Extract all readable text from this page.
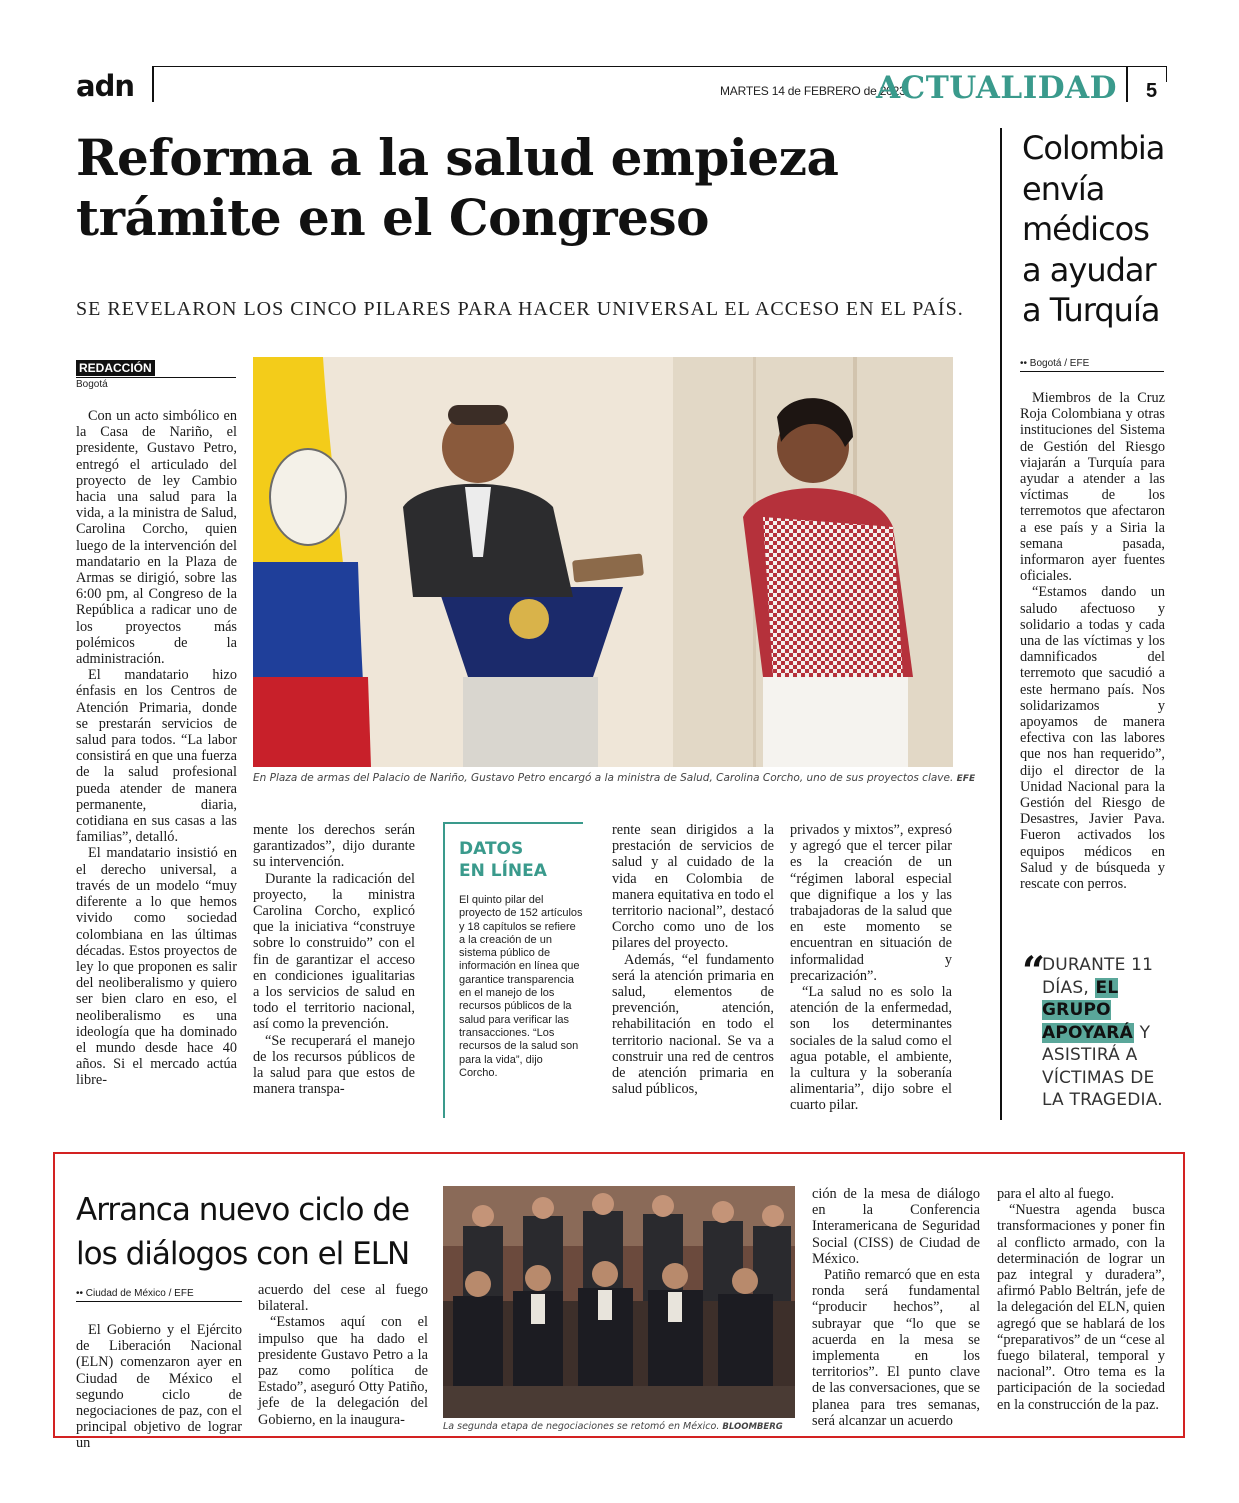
adn	MARTES 14 de FEBRERO de 2023
ACTUALIDAD 5
Reforma a la salud empieza
trámite en el Congreso
SE REVELARON LOS CINCO PILARES PARA HACER UNIVERSAL EL ACCESO EN EL PAÍS.
REDACCIÓN
Bogotá

Con un acto simbólico en la Casa de Nariño, el presidente, Gustavo Petro, entregó el articulado del proyecto de ley Cambio hacia una salud para la vida, a la ministra de Salud, Carolina Corcho, quien luego de la intervención del mandatario en la Plaza de Armas se dirigió, sobre las 6:00 pm, al Congreso de la República a radicar uno de los proyectos más polémicos de la administración.

El mandatario hizo énfasis en los Centros de Atención Primaria, donde se prestarán servicios de salud para todos. “La labor consistirá en que una fuerza de la salud profesional pueda atender de manera permanente, diaria, cotidiana en sus casas a las familias”, detalló.

El mandatario insistió en el derecho universal, a través de un modelo “muy diferente a lo que hemos vivido como sociedad colombiana en las últimas décadas. Estos proyectos de ley lo que proponen es salir del neoliberalismo y quiero ser bien claro en eso, el neoliberalismo es una ideología que ha dominado el mundo desde hace 40 años. Si el mercado actúa libre-

En Plaza de armas del Palacio de Nariño, Gustavo Petro encargó a la ministra de Salud, Carolina Corcho, uno de sus proyectos clave. EFE

mente los derechos serán garantizados”, dijo durante su intervención.

Durante la radicación del proyecto, la ministra Carolina Corcho, explicó que la iniciativa “construye sobre lo construido” con el fin de garantizar el acceso en condiciones igualitarias a los servicios de salud en todo el territorio nacional, así como la prevención.

“Se recuperará el manejo de los recursos públicos de la salud para que estos de manera transpa-

DATOS
EN LÍNEA
El quinto pilar del proyecto de 152 artículos y 18 capítulos se refiere a la creación de un sistema público de información en línea que garantice transparencia en el manejo de los recursos públicos de la salud para verificar las transacciones. “Los recursos de la salud son para la vida”, dijo Corcho.

rente sean dirigidos a la prestación de servicios de salud y al cuidado de la vida en Colombia de manera equitativa en todo el territorio nacional”, destacó Corcho como uno de los pilares del proyecto.

Además, “el fundamento será la atención primaria en salud, elementos de prevención, atención, rehabilitación en todo el territorio nacional. Se va a construir una red de centros de atención primaria en salud públicos,

privados y mixtos”, expresó y agregó que el tercer pilar es la creación de un “régimen laboral especial que dignifique a los y las trabajadoras de la salud que en este momento se encuentran en situación de informalidad y precarización”.

“La salud no es solo la atención de la enfermedad, son los determinantes sociales de la salud como el agua potable, el ambiente, la cultura y la soberanía alimentaria”, dijo sobre el cuarto pilar.

Colombia
envía
médicos
a ayudar
a Turquía
•• Bogotá / EFE

Miembros de la Cruz Roja Colombiana y otras instituciones del Sistema de Gestión del Riesgo viajarán a Turquía para ayudar a atender a las víctimas de los terremotos que afectaron a ese país y a Siria la semana pasada, informaron ayer fuentes oficiales.

“Estamos dando un saludo afectuoso y solidario a todas y cada una de las víctimas y los damnificados del terremoto que sacudió a este hermano país. Nos solidarizamos y apoyamos de manera efectiva con las labores que nos han requerido”, dijo el director de la Unidad Nacional para la Gestión del Riesgo de Desastres, Javier Pava. Fueron activados los equipos médicos en Salud y de búsqueda y rescate con perros.

“
DURANTE 11 DÍAS, EL GRUPO APOYARÁ Y ASISTIRÁ A VÍCTIMAS DE LA TRAGEDIA.
Arranca nuevo ciclo de
los diálogos con el ELN
•• Ciudad de México / EFE

El Gobierno y el Ejército de Liberación Nacional (ELN) comenzaron ayer en Ciudad de México el segundo ciclo de negociaciones de paz, con el principal objetivo de lograr un

acuerdo del cese al fuego bilateral.

“Estamos aquí con el impulso que ha dado el presidente Gustavo Petro a la paz como política de Estado”, aseguró Otty Patiño, jefe de la delegación del Gobierno, en la inaugura-	La segunda etapa de negociaciones se retomó en México. BLOOMBERG

ción de la mesa de diálogo en la Conferencia Interamericana de Seguridad Social (CISS) de Ciudad de México.

Patiño remarcó que en esta ronda será fundamental “producir hechos”, al subrayar que “lo que se acuerda en la mesa se implementa en los territorios”. El punto clave de las conversaciones, que se planea para tres semanas, será alcanzar un acuerdo

para el alto al fuego.

“Nuestra agenda busca transformaciones y poner fin al conflicto armado, con la determinación de lograr un paz integral y duradera”, afirmó Pablo Beltrán, jefe de la delegación del ELN, quien agregó que se hablará de los “preparativos” de un “cese al fuego bilateral, temporal y nacional”. Otro tema es la participación de la sociedad en la construcción de la paz.
